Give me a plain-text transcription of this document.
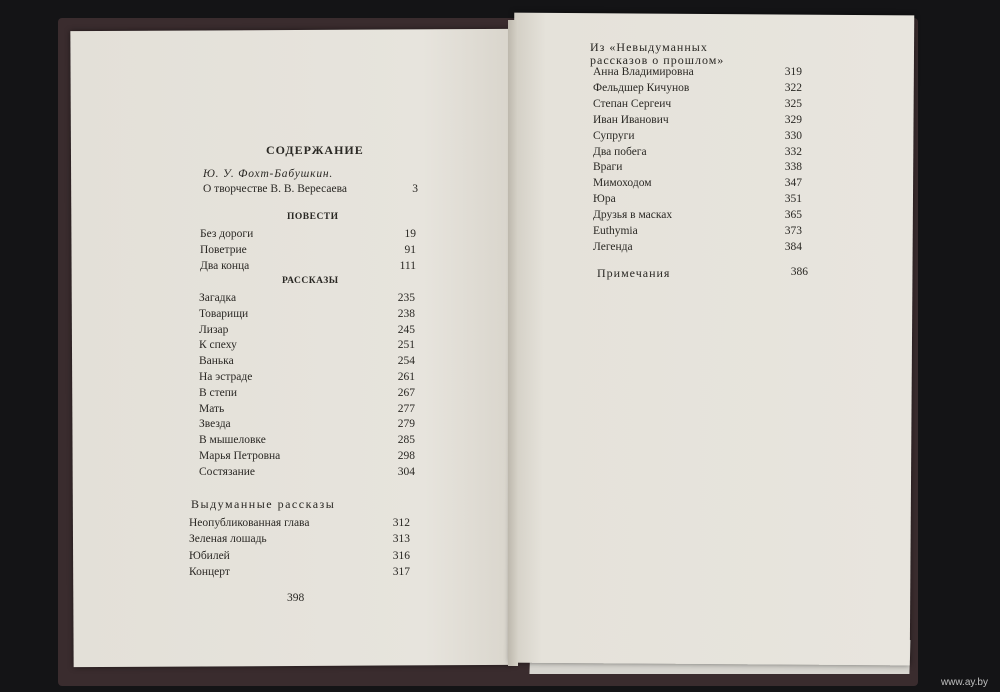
СОДЕРЖАНИЕ
Ю. У. Фохт-Бабушкин.
О творчестве В. В. Вересаева	3
ПОВЕСТИ
Без дороги	19
Поветрие	91
Два конца	111
РАССКАЗЫ
Загадка	235
Товарищи	238
Лизар	245
К спеху	251
Ванька	254
На эстраде	261
В степи	267
Мать	277
Звезда	279
В мышеловке	285
Марья Петровна	298
Состязание	304
Выдуманные рассказы
Неопубликованная глава	312
Зеленая лошадь	313
Юбилей	316
Концерт	317
398
Из «Невыдуманных
рассказов о прошлом»
Анна Владимировна	319
Фельдшер Кичунов	322
Степан Сергеич	325
Иван Иванович	329
Супруги	330
Два побега	332
Враги	338
Мимоходом	347
Юра	351
Друзья в масках	365
Euthymia	373
Легенда	384
Примечания	386
www.ay.by
